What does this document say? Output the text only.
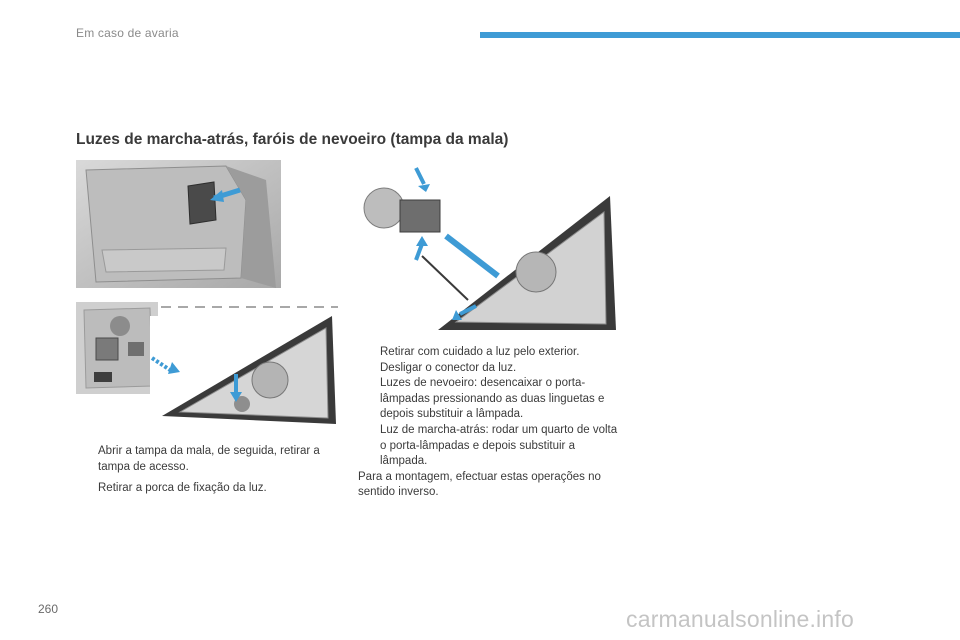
Em caso de avaria
Luzes de marcha-atrás, faróis de nevoeiro (tampa da mala)
Abrir a tampa da mala, de seguida, retirar a tampa de acesso.
Retirar a porca de fixação da luz.
Retirar com cuidado a luz pelo exterior.
Desligar o conector da luz.
Luzes de nevoeiro: desencaixar o porta-lâmpadas pressionando as duas linguetas e depois substituir a lâmpada.
Luz de marcha-atrás: rodar um quarto de volta o porta-lâmpadas e depois substituir a lâmpada.
Para a montagem, efectuar estas operações no sentido inverso.
260	carmanualsonline.info
